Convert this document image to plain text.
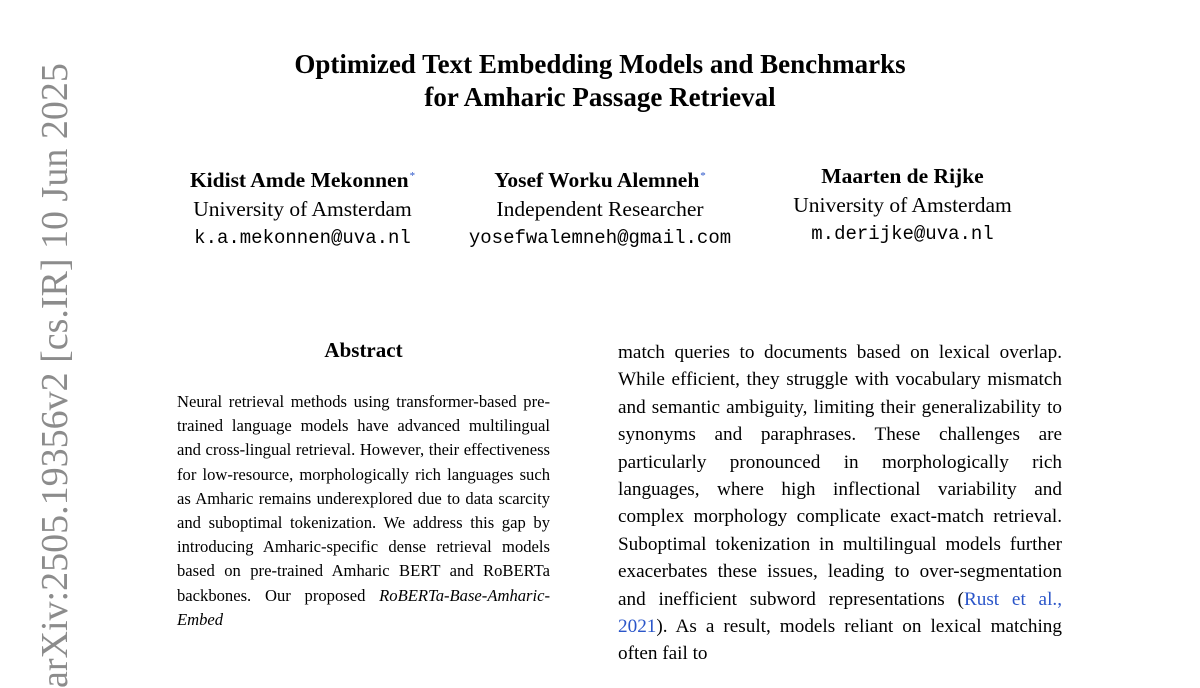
Optimized Text Embedding Models and Benchmarks
for Amharic Passage Retrieval
Kidist Amde Mekonnen*
University of Amsterdam
k.a.mekonnen@uva.nl
Yosef Worku Alemneh*
Independent Researcher
yosefwalemneh@gmail.com
Maarten de Rijke
University of Amsterdam
m.derijke@uva.nl
Abstract
Neural retrieval methods using transformer-based pre-trained language models have advanced multilingual and cross-lingual retrieval. However, their effectiveness for low-resource, morphologically rich languages such as Amharic remains underexplored due to data scarcity and suboptimal tokenization. We address this gap by introducing Amharic-specific dense retrieval models based on pre-trained Amharic BERT and RoBERTa backbones. Our proposed RoBERTa-Base-Amharic-Embed
match queries to documents based on lexical overlap. While efficient, they struggle with vocabulary mismatch and semantic ambiguity, limiting their generalizability to synonyms and paraphrases. These challenges are particularly pronounced in morphologically rich languages, where high inflectional variability and complex morphology complicate exact-match retrieval. Suboptimal tokenization in multilingual models further exacerbates these issues, leading to over-segmentation and inefficient subword representations (Rust et al., 2021). As a result, models reliant on lexical matching often fail to
arXiv:2505.19356v2 [cs.IR] 10 Jun 2025
